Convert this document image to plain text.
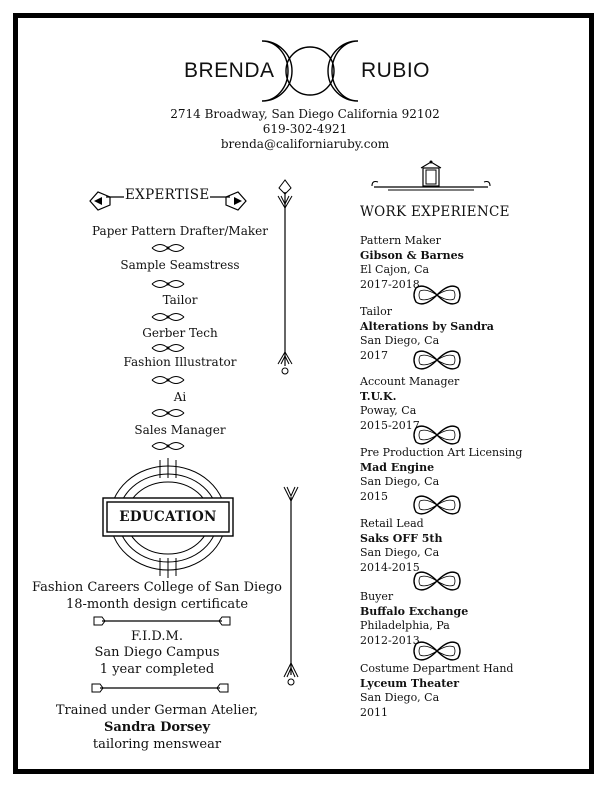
BRENDA	RUBIO
2714 Broadway, San Diego California 92102
619-302-4921
brenda@californiaruby.com
EXPERTISE
Paper Pattern Drafter/Maker
Sample Seamstress
Tailor
Gerber Tech
Fashion Illustrator
Ai
Sales Manager
EDUCATION
Fashion Careers College of San Diego
18-month design certificate
F.I.D.M.
San Diego Campus
1 year completed
Trained under German Atelier,
Sandra Dorsey
tailoring menswear
WORK EXPERIENCE
Pattern Maker
Gibson & Barnes
El Cajon, Ca
2017-2018
Tailor
Alterations by Sandra
San Diego, Ca
2017
Account Manager
T.U.K.
Poway, Ca
2015-2017
Pre Production Art Licensing
Mad Engine
San Diego, Ca
2015
Retail Lead
Saks OFF 5th
San Diego, Ca
2014-2015
Buyer
Buffalo Exchange
Philadelphia, Pa
2012-2013
Costume Department Hand
Lyceum Theater
San Diego, Ca
2011
